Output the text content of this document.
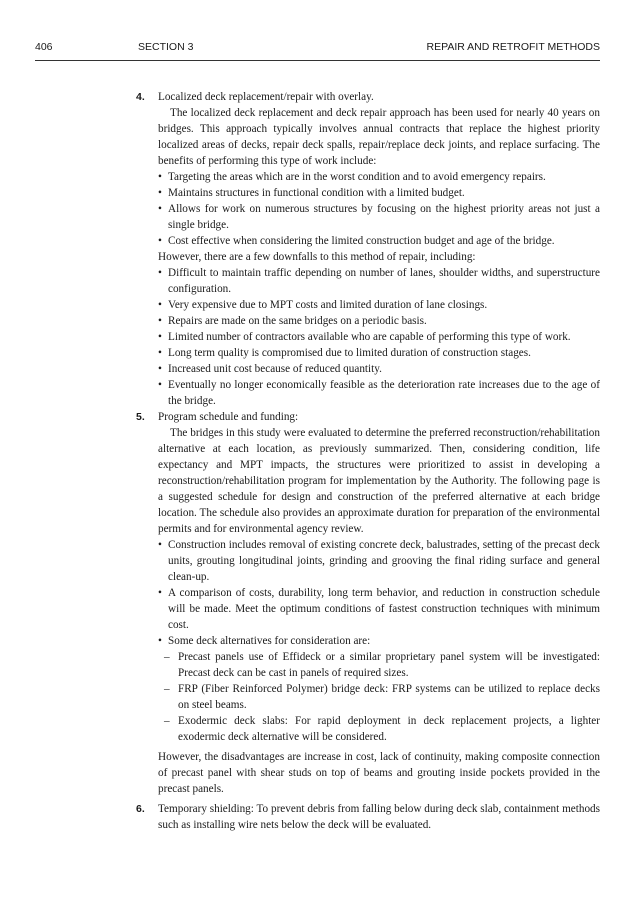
406	SECTION 3	REPAIR AND RETROFIT METHODS
4. Localized deck replacement/repair with overlay.

The localized deck replacement and deck repair approach has been used for nearly 40 years on bridges. This approach typically involves annual contracts that replace the highest priority localized areas of decks, repair deck spalls, repair/replace deck joints, and replace surfacing. The benefits of performing this type of work include:

• Targeting the areas which are in the worst condition and to avoid emergency repairs.

• Maintains structures in functional condition with a limited budget.

• Allows for work on numerous structures by focusing on the highest priority areas not just a single bridge.

• Cost effective when considering the limited construction budget and age of the bridge.

However, there are a few downfalls to this method of repair, including:

• Difficult to maintain traffic depending on number of lanes, shoulder widths, and superstructure configuration.

• Very expensive due to MPT costs and limited duration of lane closings.

• Repairs are made on the same bridges on a periodic basis.

• Limited number of contractors available who are capable of performing this type of work.

• Long term quality is compromised due to limited duration of construction stages.

• Increased unit cost because of reduced quantity.

• Eventually no longer economically feasible as the deterioration rate increases due to the age of the bridge.

5. Program schedule and funding:

The bridges in this study were evaluated to determine the preferred reconstruction/rehabilitation alternative at each location, as previously summarized. Then, considering condition, life expectancy and MPT impacts, the structures were prioritized to assist in developing a reconstruction/rehabilitation program for implementation by the Authority. The following page is a suggested schedule for design and construction of the preferred alternative at each bridge location. The schedule also provides an approximate duration for preparation of the environmental permits and for environmental agency review.

• Construction includes removal of existing concrete deck, balustrades, setting of the precast deck units, grouting longitudinal joints, grinding and grooving the final riding surface and general clean-up.

• A comparison of costs, durability, long term behavior, and reduction in construction schedule will be made. Meet the optimum conditions of fastest construction techniques with minimum cost.

• Some deck alternatives for consideration are:

– Precast panels use of Effideck or a similar proprietary panel system will be investigated: Precast deck can be cast in panels of required sizes.

– FRP (Fiber Reinforced Polymer) bridge deck: FRP systems can be utilized to replace decks on steel beams.

– Exodermic deck slabs: For rapid deployment in deck replacement projects, a lighter exodermic deck alternative will be considered.

However, the disadvantages are increase in cost, lack of continuity, making composite connection of precast panel with shear studs on top of beams and grouting inside pockets provided in the precast panels.

6. Temporary shielding: To prevent debris from falling below during deck slab, containment methods such as installing wire nets below the deck will be evaluated.
